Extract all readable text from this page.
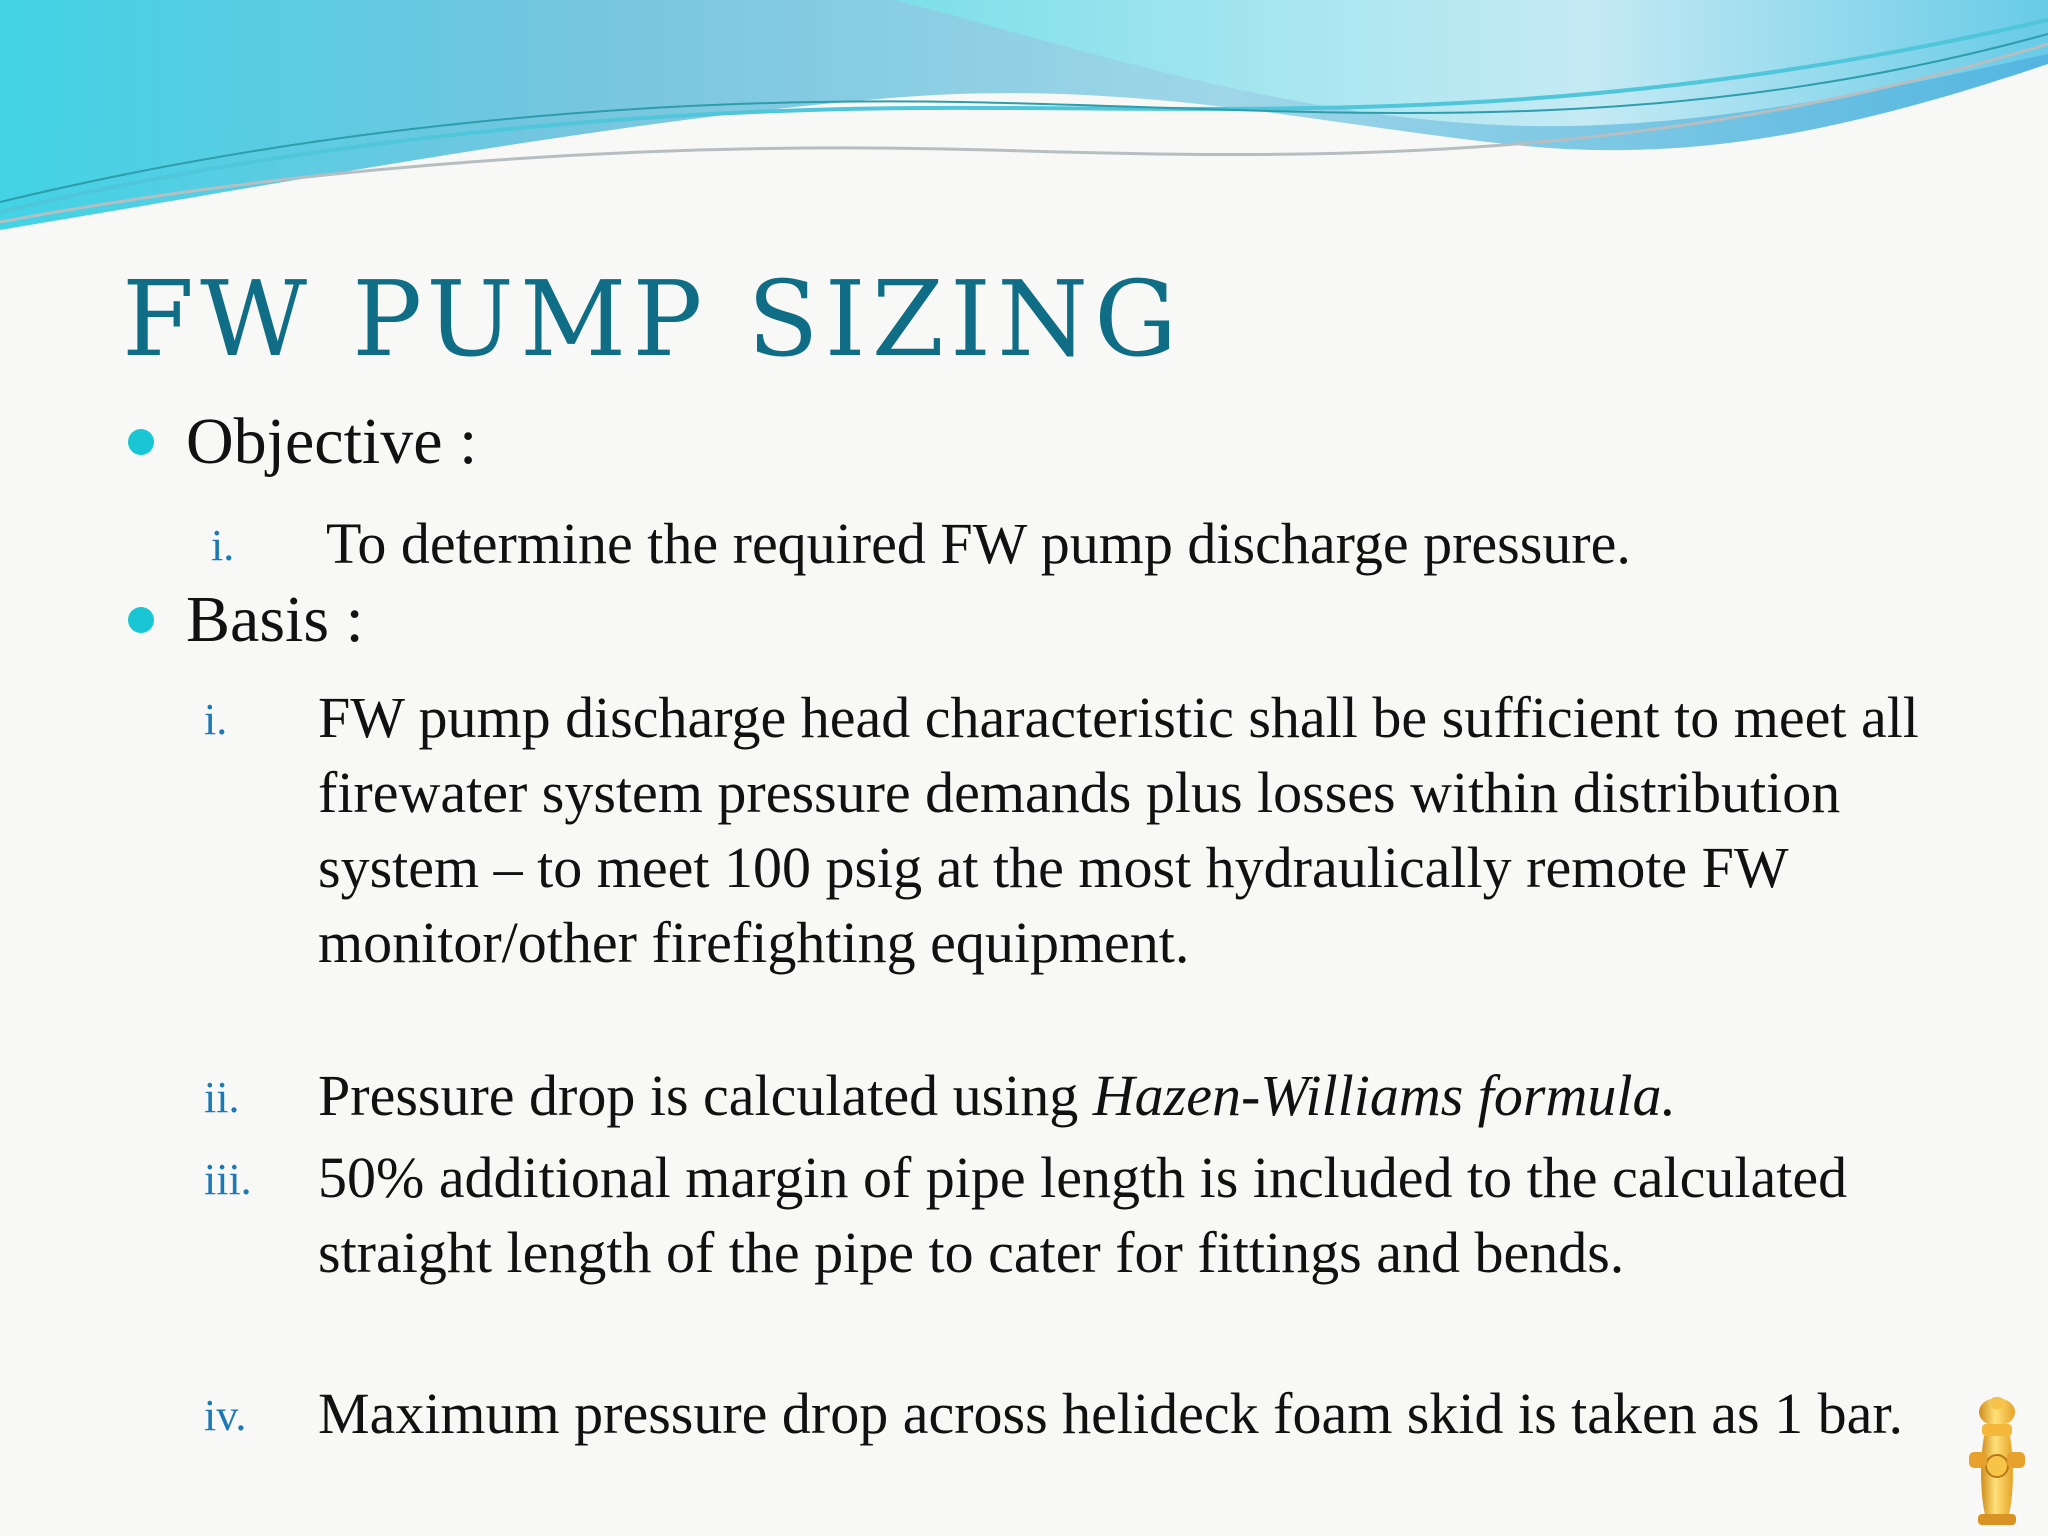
FW PUMP SIZING
Objective :
i. To determine the required FW pump discharge pressure.
Basis :
i. FW pump discharge head characteristic shall be sufficient to meet all firewater system pressure demands plus losses within distribution system – to meet 100 psig at the most hydraulically remote FW monitor/other firefighting equipment.
ii. Pressure drop is calculated using Hazen-Williams formula.
iii. 50% additional margin of pipe length is included to the calculated straight length of the pipe to cater for fittings and bends.
iv. Maximum pressure drop across helideck foam skid is taken as 1 bar.
